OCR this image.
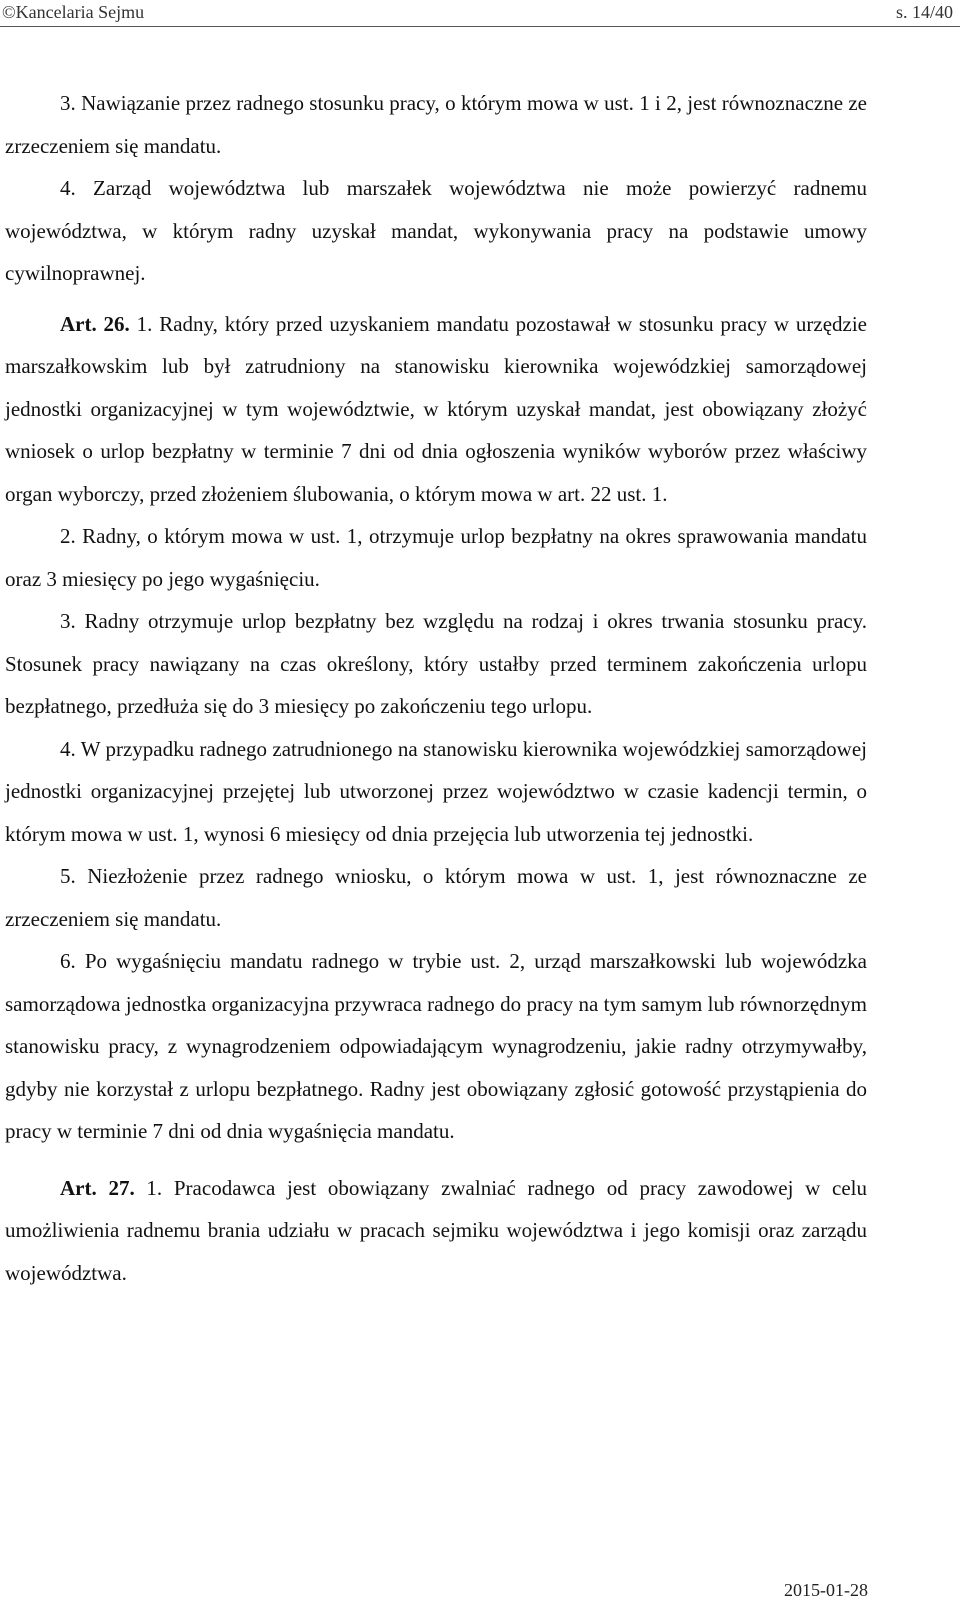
©Kancelaria Sejmu	s. 14/40

3. Nawiązanie przez radnego stosunku pracy, o którym mowa w ust. 1 i 2, jest równoznaczne ze zrzeczeniem się mandatu.

4. Zarząd województwa lub marszałek województwa nie może powierzyć radnemu województwa, w którym radny uzyskał mandat, wykonywania pracy na podstawie umowy cywilnoprawnej.

Art. 26. 1. Radny, który przed uzyskaniem mandatu pozostawał w stosunku pracy w urzędzie marszałkowskim lub był zatrudniony na stanowisku kierownika wojewódzkiej samorządowej jednostki organizacyjnej w tym województwie, w którym uzyskał mandat, jest obowiązany złożyć wniosek o urlop bezpłatny w terminie 7 dni od dnia ogłoszenia wyników wyborów przez właściwy organ wyborczy, przed złożeniem ślubowania, o którym mowa w art. 22 ust. 1.

2. Radny, o którym mowa w ust. 1, otrzymuje urlop bezpłatny na okres sprawowania mandatu oraz 3 miesięcy po jego wygaśnięciu.

3. Radny otrzymuje urlop bezpłatny bez względu na rodzaj i okres trwania stosunku pracy. Stosunek pracy nawiązany na czas określony, który ustałby przed terminem zakończenia urlopu bezpłatnego, przedłuża się do 3 miesięcy po zakończeniu tego urlopu.

4. W przypadku radnego zatrudnionego na stanowisku kierownika wojewódzkiej samorządowej jednostki organizacyjnej przejętej lub utworzonej przez województwo w czasie kadencji termin, o którym mowa w ust. 1, wynosi 6 miesięcy od dnia przejęcia lub utworzenia tej jednostki.

5. Niezłożenie przez radnego wniosku, o którym mowa w ust. 1, jest równoznaczne ze zrzeczeniem się mandatu.

6. Po wygaśnięciu mandatu radnego w trybie ust. 2, urząd marszałkowski lub wojewódzka samorządowa jednostka organizacyjna przywraca radnego do pracy na tym samym lub równorzędnym stanowisku pracy, z wynagrodzeniem odpowiadającym wynagrodzeniu, jakie radny otrzymywałby, gdyby nie korzystał z urlopu bezpłatnego. Radny jest obowiązany zgłosić gotowość przystąpienia do pracy w terminie 7 dni od dnia wygaśnięcia mandatu.

Art. 27. 1. Pracodawca jest obowiązany zwalniać radnego od pracy zawodowej w celu umożliwienia radnemu brania udziału w pracach sejmiku województwa i jego komisji oraz zarządu województwa.

2015-01-28
